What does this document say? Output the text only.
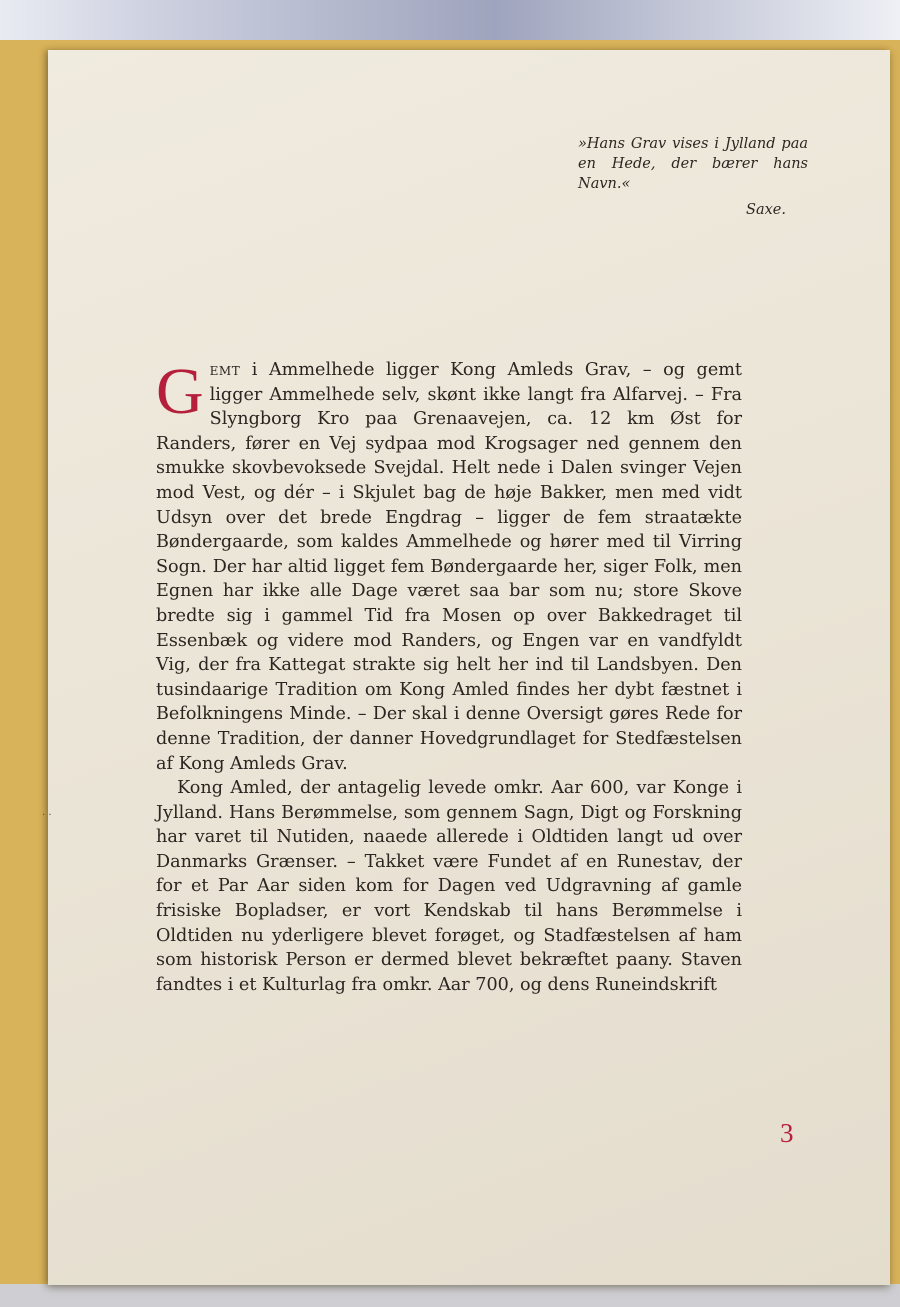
· ·
»Hans Grav vises i Jylland paa en Hede, der bærer hans Navn.«
Saxe.

Gemt i Ammelhede ligger Kong Amleds Grav, – og gemt ligger Ammelhede selv, skønt ikke langt fra Alfarvej. – Fra Slyngborg Kro paa Grenaavejen, ca. 12 km Øst for Randers, fører en Vej sydpaa mod Krogsager ned gennem den smukke skovbevoksede Svejdal. Helt nede i Dalen svinger Vejen mod Vest, og dér – i Skjulet bag de høje Bakker, men med vidt Udsyn over det brede Engdrag – ligger de fem straatækte Bøndergaarde, som kaldes Ammelhede og hører med til Virring Sogn. Der har altid ligget fem Bøndergaarde her, siger Folk, men Egnen har ikke alle Dage været saa bar som nu; store Skove bredte sig i gammel Tid fra Mosen op over Bakkedraget til Essenbæk og videre mod Randers, og Engen var en vandfyldt Vig, der fra Kattegat strakte sig helt her ind til Landsbyen. Den tusindaarige Tradition om Kong Amled findes her dybt fæstnet i Befolkningens Minde. – Der skal i denne Oversigt gøres Rede for denne Tradition, der danner Hovedgrundlaget for Stedfæstelsen af Kong Amleds Grav.

Kong Amled, der antagelig levede omkr. Aar 600, var Konge i Jylland. Hans Berømmelse, som gennem Sagn, Digt og Forskning har varet til Nutiden, naaede allerede i Oldtiden langt ud over Danmarks Grænser. – Takket være Fundet af en Runestav, der for et Par Aar siden kom for Dagen ved Udgravning af gamle frisiske Bopladser, er vort Kendskab til hans Berømmelse i Oldtiden nu yderligere blevet forøget, og Stadfæstelsen af ham som historisk Person er dermed blevet bekræftet paany. Staven fandtes i et Kulturlag fra omkr. Aar 700, og dens Runeindskrift

3
